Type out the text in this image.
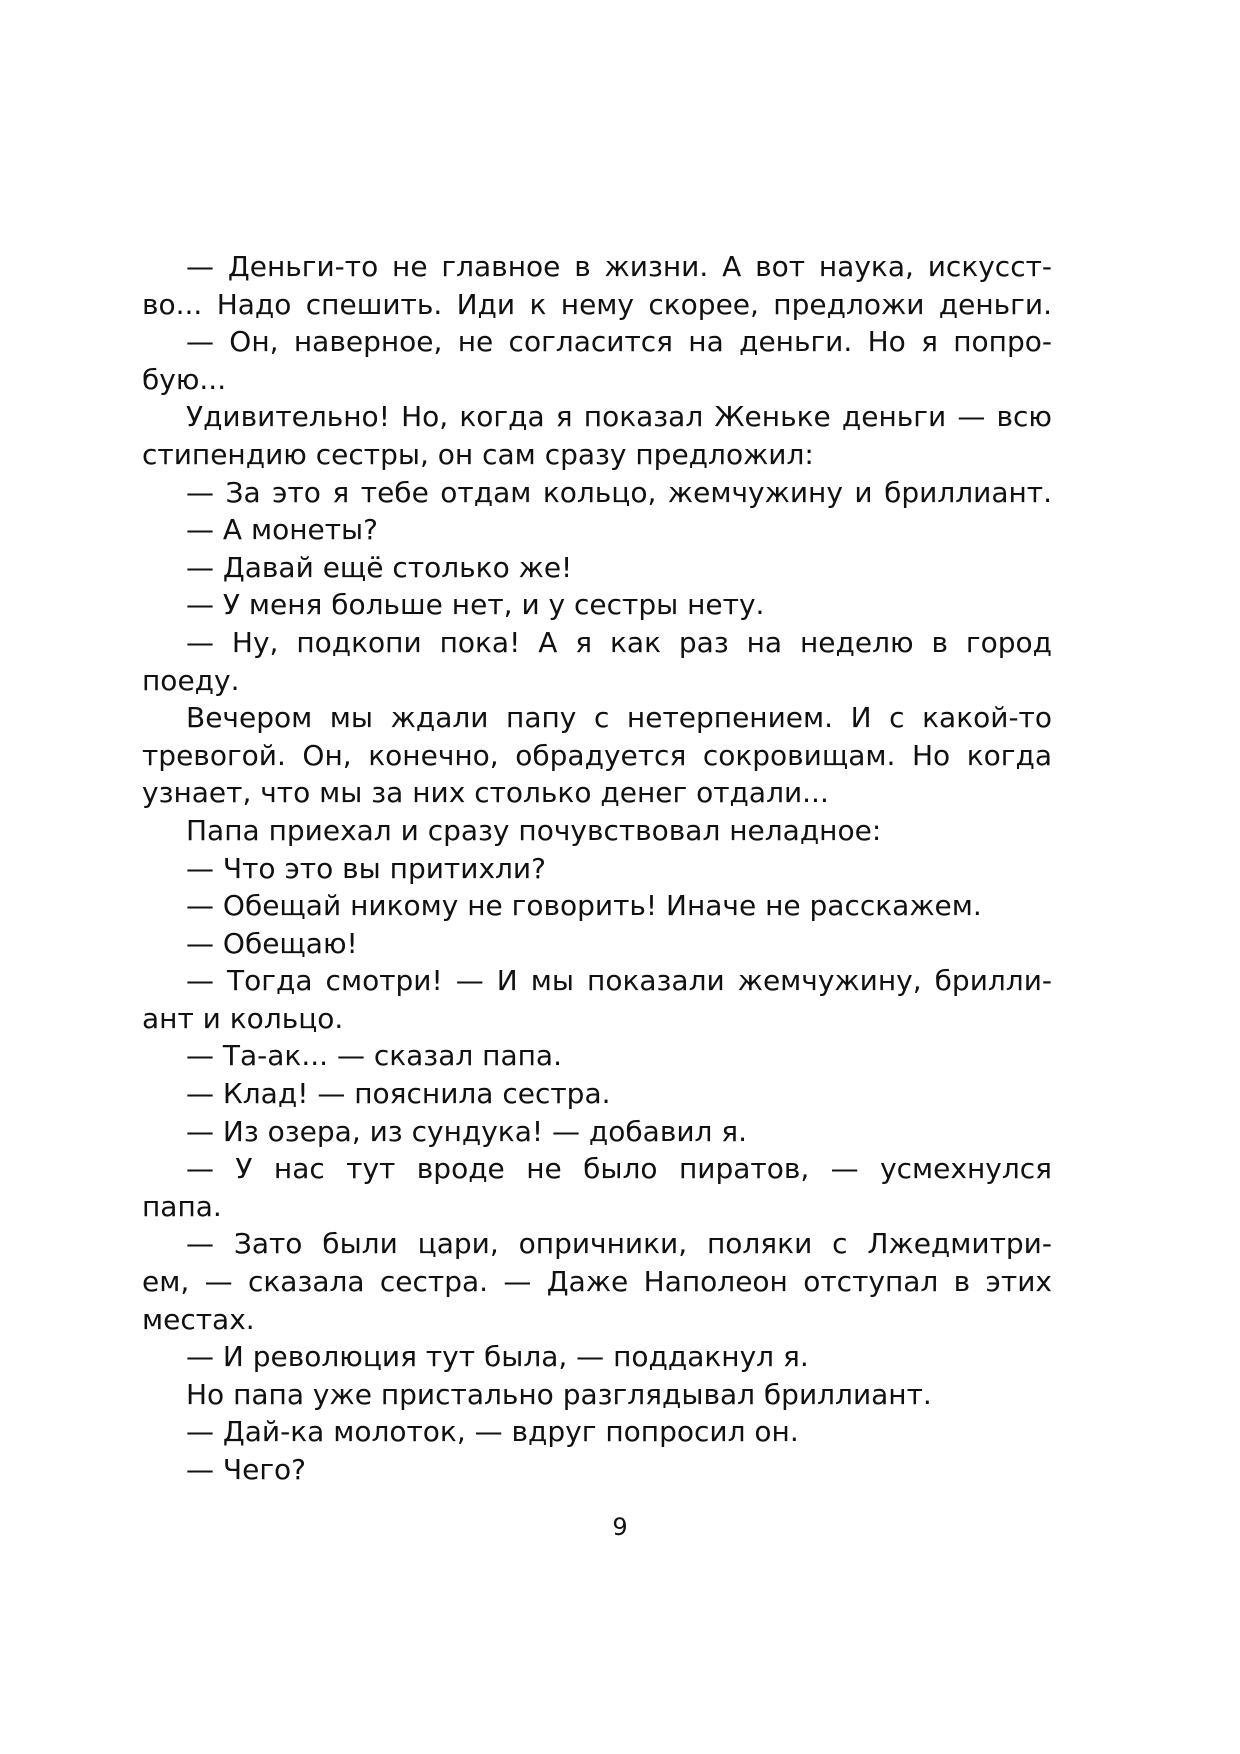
— Деньги-то не главное в жизни. А вот наука, искусст-
во... Надо спешить. Иди к нему скорее, предложи деньги.
— Он, наверное, не согласится на деньги. Но я попро-
бую...
Удивительно! Но, когда я показал Женьке деньги — всю
стипендию сестры, он сам сразу предложил:
— За это я тебе отдам кольцо, жемчужину и бриллиант.
— А монеты?
— Давай ещё столько же!
— У меня больше нет, и у сестры нету.
— Ну, подкопи пока! А я как раз на неделю в город
поеду.
Вечером мы ждали папу с нетерпением. И с какой-то
тревогой. Он, конечно, обрадуется сокровищам. Но когда
узнает, что мы за них столько денег отдали...
Папа приехал и сразу почувствовал неладное:
— Что это вы притихли?
— Обещай никому не говорить! Иначе не расскажем.
— Обещаю!
— Тогда смотри! — И мы показали жемчужину, брилли-
ант и кольцо.
— Та-ак... — сказал папа.
— Клад! — пояснила сестра.
— Из озера, из сундука! — добавил я.
— У нас тут вроде не было пиратов, — усмехнулся
папа.
— Зато были цари, опричники, поляки с Лжедмитри-
ем, — сказала сестра. — Даже Наполеон отступал в этих
местах.
— И революция тут была, — поддакнул я.
Но папа уже пристально разглядывал бриллиант.
— Дай-ка молоток, — вдруг попросил он.
— Чего?
9
